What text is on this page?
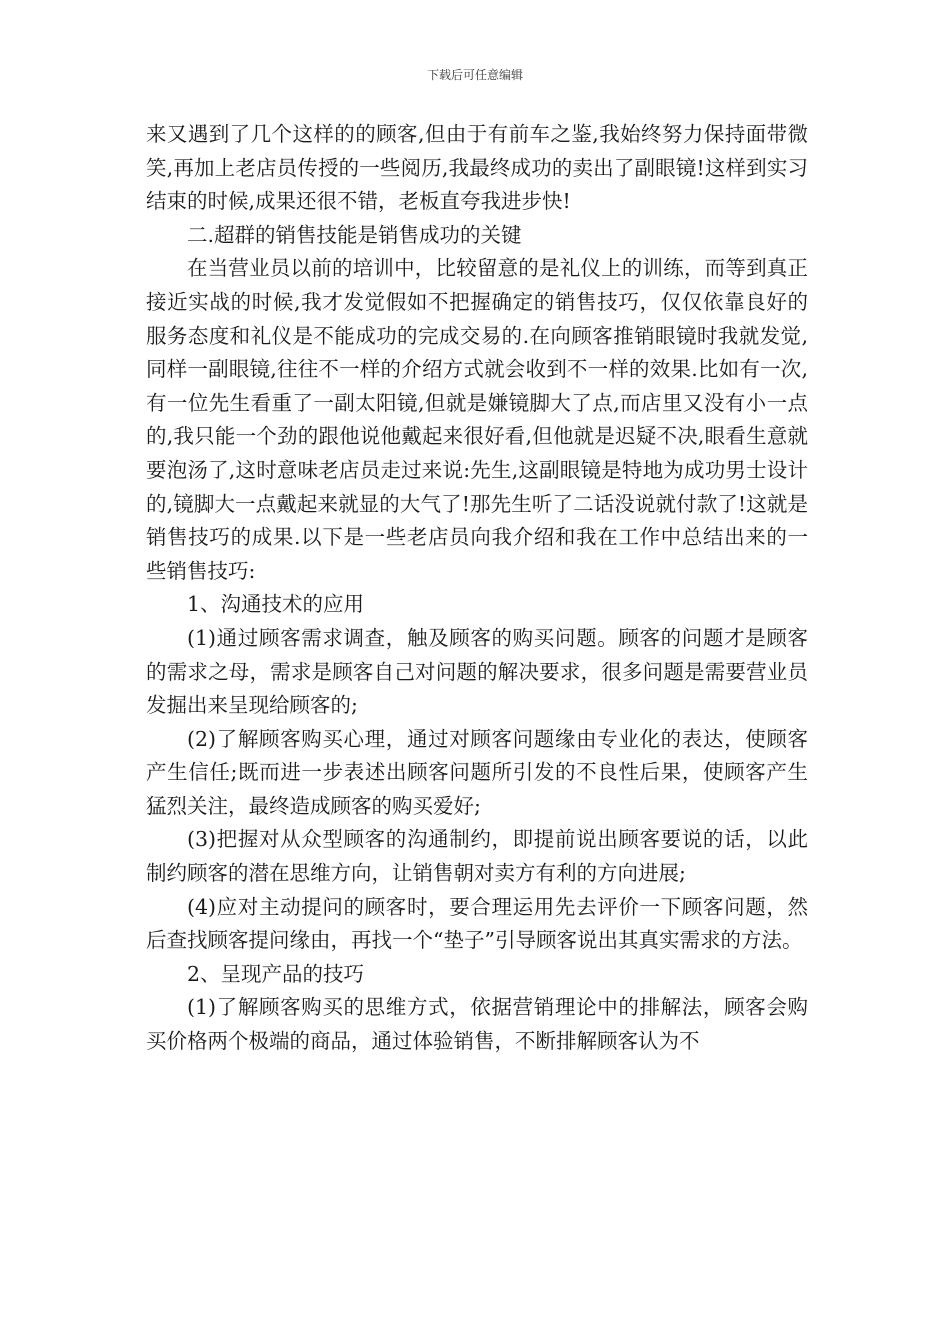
下载后可任意编辑

来又遇到了几个这样的的顾客,但由于有前车之鉴,我始终努力保持面带微笑,再加上老店员传授的一些阅历,我最终成功的卖出了副眼镜!这样到实习结束的时候,成果还很不错，老板直夸我进步快!

二.超群的销售技能是销售成功的关键

在当营业员以前的培训中，比较留意的是礼仪上的训练，而等到真正接近实战的时候,我才发觉假如不把握确定的销售技巧，仅仅依靠良好的服务态度和礼仪是不能成功的完成交易的.在向顾客推销眼镜时我就发觉,同样一副眼镜,往往不一样的介绍方式就会收到不一样的效果.比如有一次,有一位先生看重了一副太阳镜,但就是嫌镜脚大了点,而店里又没有小一点的,我只能一个劲的跟他说他戴起来很好看,但他就是迟疑不决,眼看生意就要泡汤了,这时意味老店员走过来说:先生,这副眼镜是特地为成功男士设计的,镜脚大一点戴起来就显的大气了!那先生听了二话没说就付款了!这就是销售技巧的成果.以下是一些老店员向我介绍和我在工作中总结出来的一些销售技巧:

1、沟通技术的应用

(1)通过顾客需求调查，触及顾客的购买问题。顾客的问题才是顾客的需求之母，需求是顾客自己对问题的解决要求，很多问题是需要营业员发掘出来呈现给顾客的;

(2)了解顾客购买心理，通过对顾客问题缘由专业化的表达，使顾客产生信任;既而进一步表述出顾客问题所引发的不良性后果，使顾客产生猛烈关注，最终造成顾客的购买爱好;

(3)把握对从众型顾客的沟通制约，即提前说出顾客要说的话，以此制约顾客的潜在思维方向，让销售朝对卖方有利的方向进展;

(4)应对主动提问的顾客时，要合理运用先去评价一下顾客问题，然后查找顾客提问缘由，再找一个“垫子”引导顾客说出其真实需求的方法。

2、呈现产品的技巧

(1)了解顾客购买的思维方式，依据营销理论中的排解法，顾客会购买价格两个极端的商品，通过体验销售，不断排解顾客认为不
